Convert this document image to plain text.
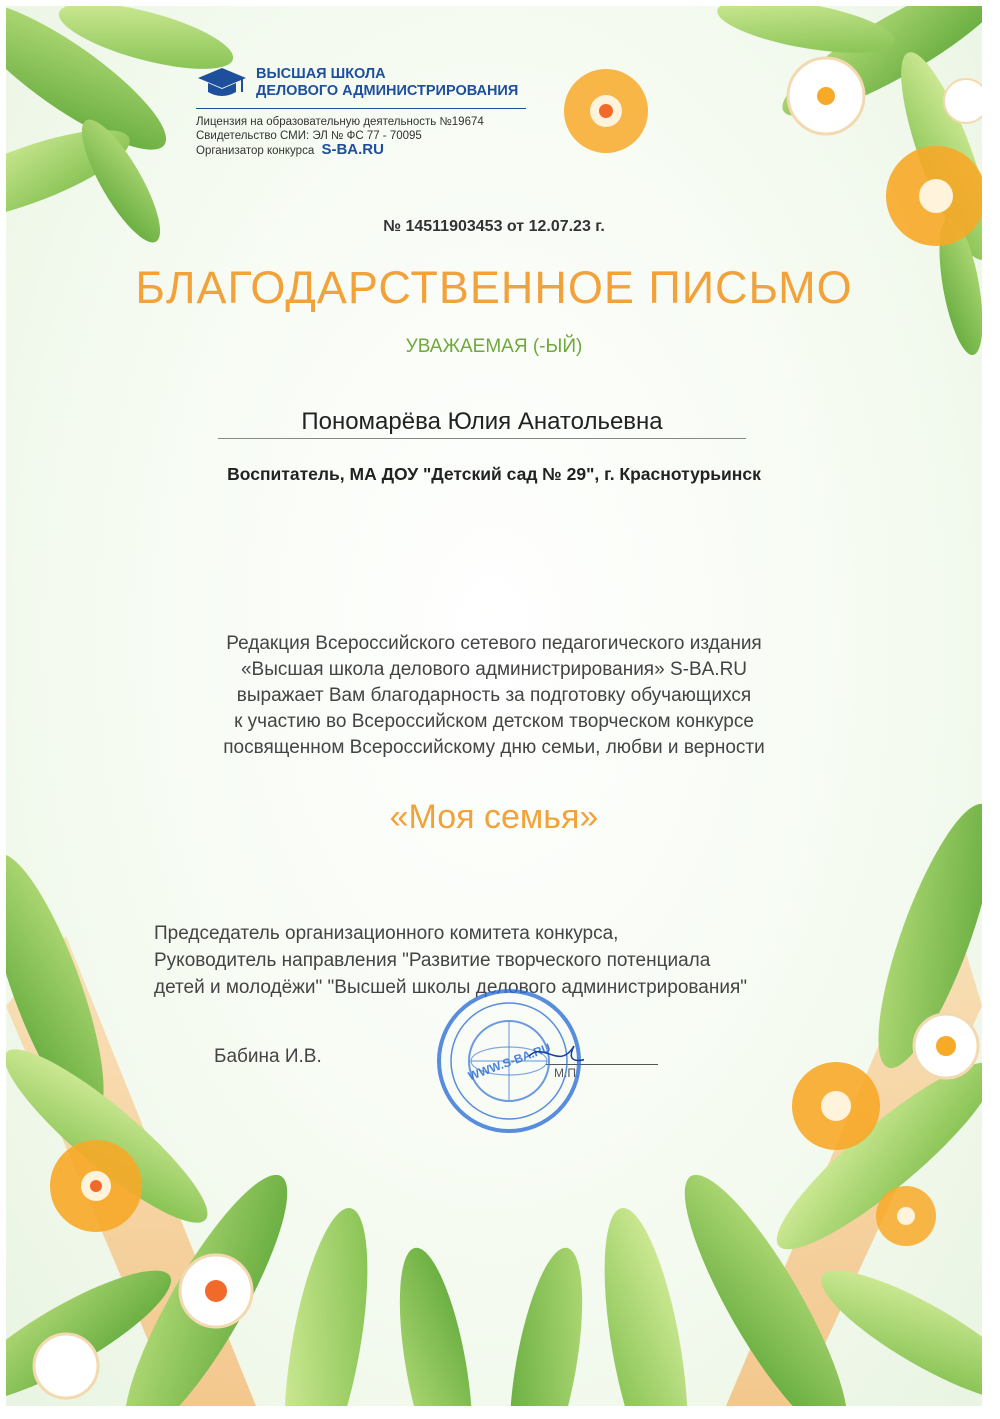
ВЫСШАЯ ШКОЛА
ДЕЛОВОГО АДМИНИСТРИРОВАНИЯ
Лицензия на образовательную деятельность №19674
Свидетельство СМИ: ЭЛ № ФС 77 - 70095
Организатор конкурса S-BA.RU
№ 14511903453 от 12.07.23 г.
БЛАГОДАРСТВЕННОЕ ПИСЬМО
УВАЖАЕМАЯ (-ЫЙ)
Пономарёва Юлия Анатольевна
Воспитатель, МА ДОУ "Детский сад № 29", г. Краснотурьинск
Редакция Всероссийского сетевого педагогического издания
«Высшая школа делового администрирования» S-BA.RU
выражает Вам благодарность за подготовку обучающихся
к участию во Всероссийском детском творческом конкурсе
посвященном Всероссийскому дню семьи, любви и верности
«Моя семья»
Председатель организационного комитета конкурса,
Руководитель направления "Развитие творческого потенциала
детей и молодёжи" "Высшей школы делового администрирования"
Бабина И.В.
М.П.
WWW.S-BA.RU
